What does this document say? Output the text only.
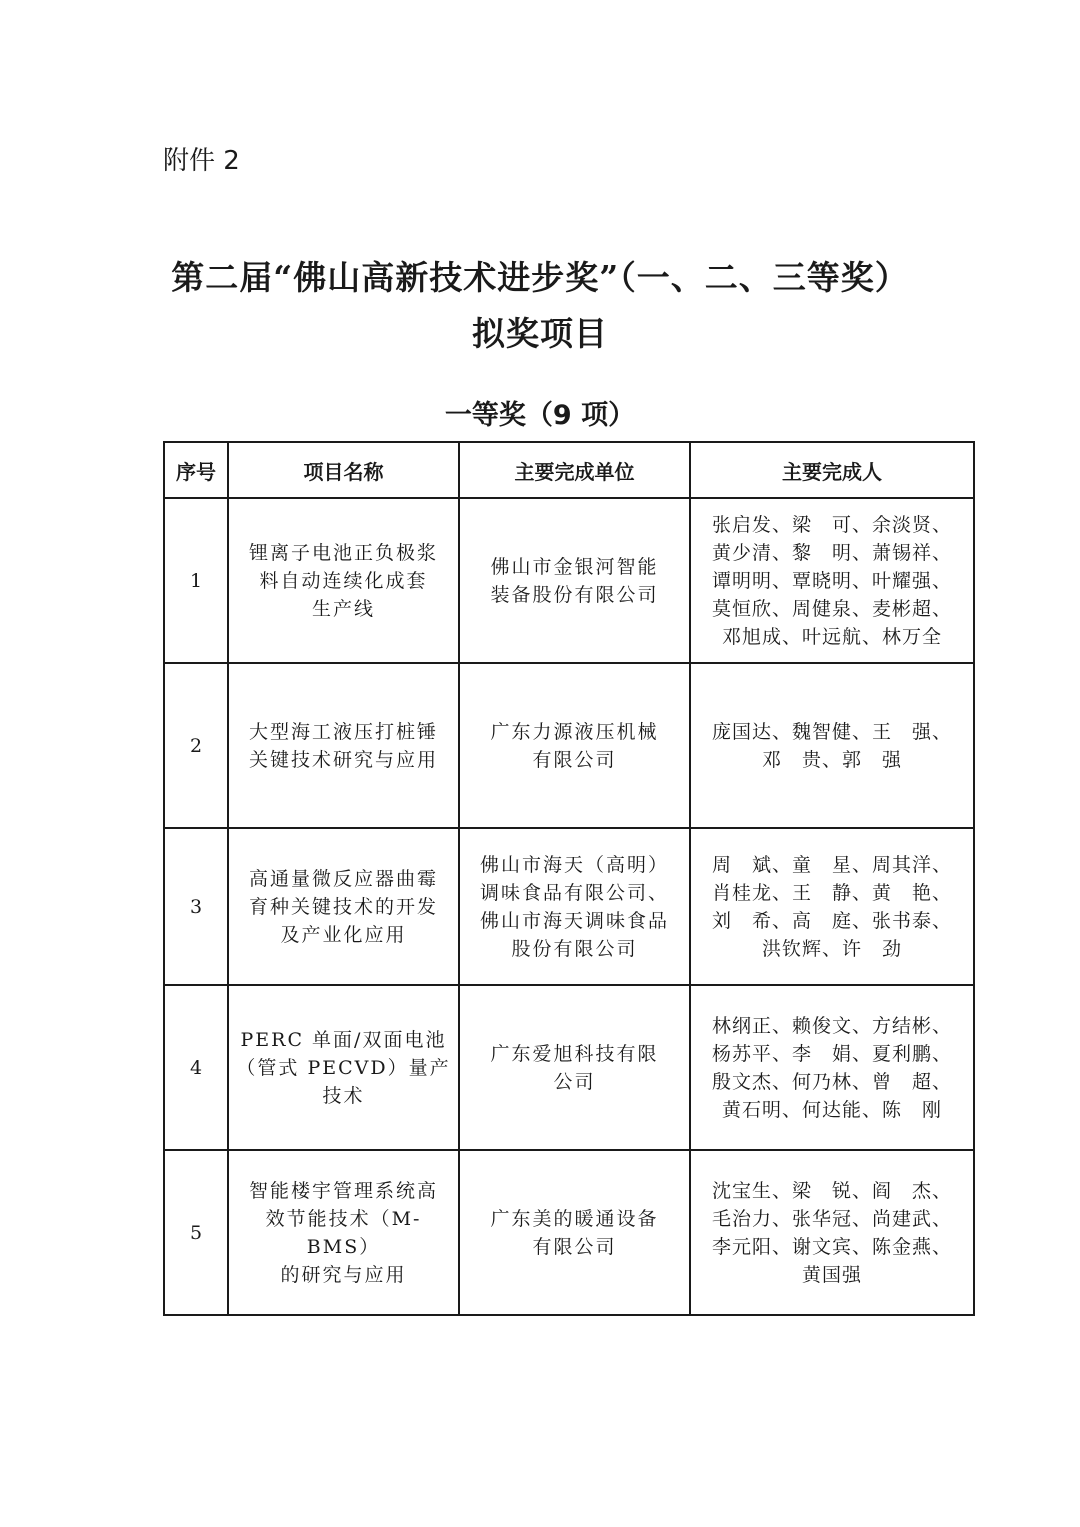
附件 2
第二届“佛山高新技术进步奖”（一、二、三等奖）
拟奖项目
一等奖（9 项）
序号	项目名称	主要完成单位	主要完成人
1	锂离子电池正负极浆
料自动连续化成套
生产线	佛山市金银河智能
装备股份有限公司	张启发、梁　可、余淡贤、
黄少清、黎　明、萧锡祥、
谭明明、覃晓明、叶耀强、
莫恒欣、周健泉、麦彬超、
邓旭成、叶远航、林万全

2	大型海工液压打桩锤
关键技术研究与应用	广东力源液压机械
有限公司	庞国达、魏智健、王　强、
邓　贵、郭　强

3	高通量微反应器曲霉
育种关键技术的开发
及产业化应用	佛山市海天（高明）
调味食品有限公司、
佛山市海天调味食品
股份有限公司	周　斌、童　星、周其洋、
肖桂龙、王　静、黄　艳、
刘　希、高　庭、张书泰、
洪钦辉、许　劲

4	PERC 单面/双面电池
（管式 PECVD）量产
技术	广东爱旭科技有限
公司	林纲正、赖俊文、方结彬、
杨苏平、李　娟、夏利鹏、
殷文杰、何乃林、曾　超、
黄石明、何达能、陈　刚

5	智能楼宇管理系统高
效节能技术（M-BMS）
的研究与应用	广东美的暖通设备
有限公司	沈宝生、梁　锐、阎　杰、
毛治力、张华冠、尚建武、
李元阳、谢文宾、陈金燕、
黄国强
